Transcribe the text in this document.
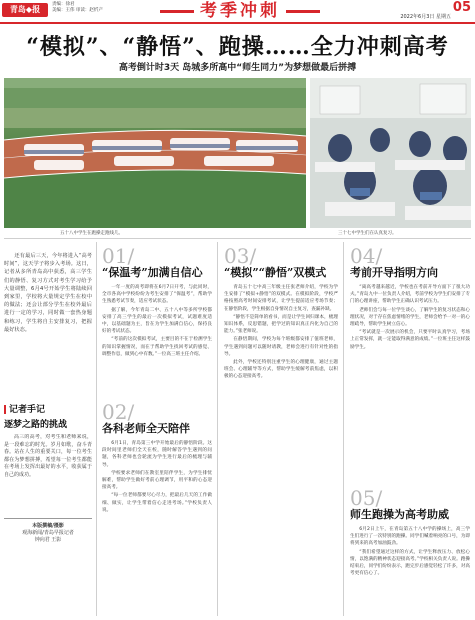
青岛◆报
责编：徐君
美编：王伟 审读：赵忻产	考季冲刺	05
2022年6月3日 星期五
“模拟”、“静悟”、跑操……全力冲刺高考
高考倒计时3天 岛城多所高中“师生同力”为梦想做最后拼搏
五十八中学生在跑操走跑线几。	三十七中学生们在认真复习。

还有最后三天，今年将进入“高考时间”，这天学子将步入考场。这日，记者从多所青岛高中获悉，高三学生们的静悟、复习方式对考生学习给予大量调整，6月4号开始学生将陆续回到家里，学校将大量规定学生在校中的做法；还会让部分学生在校外最后进行一定的学习，同时做一套热身题和练习，学生将自主安排复习，把握最好状态。

记者手记
逐梦之路的挑战

高三的高考，对考生和老师来说，是一段难忘的时光。岁月如歌，奋斗青春。站在人生的重要关口，每一位考生都在为梦想拼搏，希望每一位考生都能在考场上发挥出最好的水平，收获属于自己的成功。

本版撰稿/摄影
观海新闻/青岛早报记者
钟向君 王影
01/
“保温考”加满自信心

一年一度的高考即将在6月7日开考，与此同时，全市各高中学校纷纷为考生安排了“保温考”，帮助学生熟悉考试节奏，适应考试状态。

据了解，今年青岛二中、五十八中等多所学校都安排了高三学生的最后一次模拟考试，试题难度适中，以基础题为主，旨在为学生加满自信心，保持良好的考试状态。

“考前的这次模拟考试，主要目的不在于检测学生的知识掌握情况，而在于帮助学生找回考试的感觉、调整作息，做到心中有数。”一位高三班主任介绍。

02/
各科老师全天陪伴

6月1日，青岛第三中学开始最后的静悟阶段。这段时间里老师们全天在校，随时解答学生遇到的问题，各科老师也会轮流为学生进行最后的梳理与辅导。

学校要求老师们在教室里陪伴学生，为学生排忧解难，帮助学生做好考前心理调节，用平和的心态迎接高考。

“每一位老师都要尽心尽力，把最后几天的工作做细、做实，让学生带着信心走进考场。”学校负责人说。

03/
“模拟”“静悟”双模式

青岛五十七中高三年级主任张老师介绍，学校为学生安排了“模拟+静悟”的双模式。在模拟阶段，学校严格按照高考时间安排考试，让学生提前适应考场节奏；在静悟阶段，学生根据自身情况自主复习，查漏补缺。

“静悟不是简单的看书，而是让学生回归课本，梳理知识体系，反思错题，把学过的知识真正内化为自己的能力。”张老师说。

在静悟期间，学校为每个班级都安排了值班老师，学生遇到问题可以随时请教，老师会进行有针对性的指导。

此外，学校还特别注重学生的心理健康，通过主题班会、心理辅导等方式，帮助学生缓解考前焦虑，以积极的心态迎接高考。

04/
考前开导指明方向

“离高考越来越近，学校也在考前开导方面下了很大功夫。”青岛九中一位负责人介绍，考前学校为学生们安排了专门的心理讲座，帮助学生正确认识考试压力。

老师们会与每一位学生谈心，了解学生的复习状态和心理状况，对于存在焦虑情绪的学生，老师会给予一对一的心理疏导，帮助学生树立信心。

“考试就是一次展示的机会，只要平时认真学习，考场上正常发挥，就一定能取得满意的成绩。”一位班主任这样鼓励学生。

05/
师生跑操为高考助威

6月2日上午，在青岛第五十八中学的操场上，高三学生们进行了一次特别的跑操。同学们喊着响亮的口号，为即将到来的高考加油鼓劲。

“我们希望通过这样的方式，让学生释放压力、放松心情，以饱满的精神状态迎接高考。”学校相关负责人说。跑操结束后，同学们纷纷表示，跑完步后感觉轻松了许多，对高考更有信心了。
